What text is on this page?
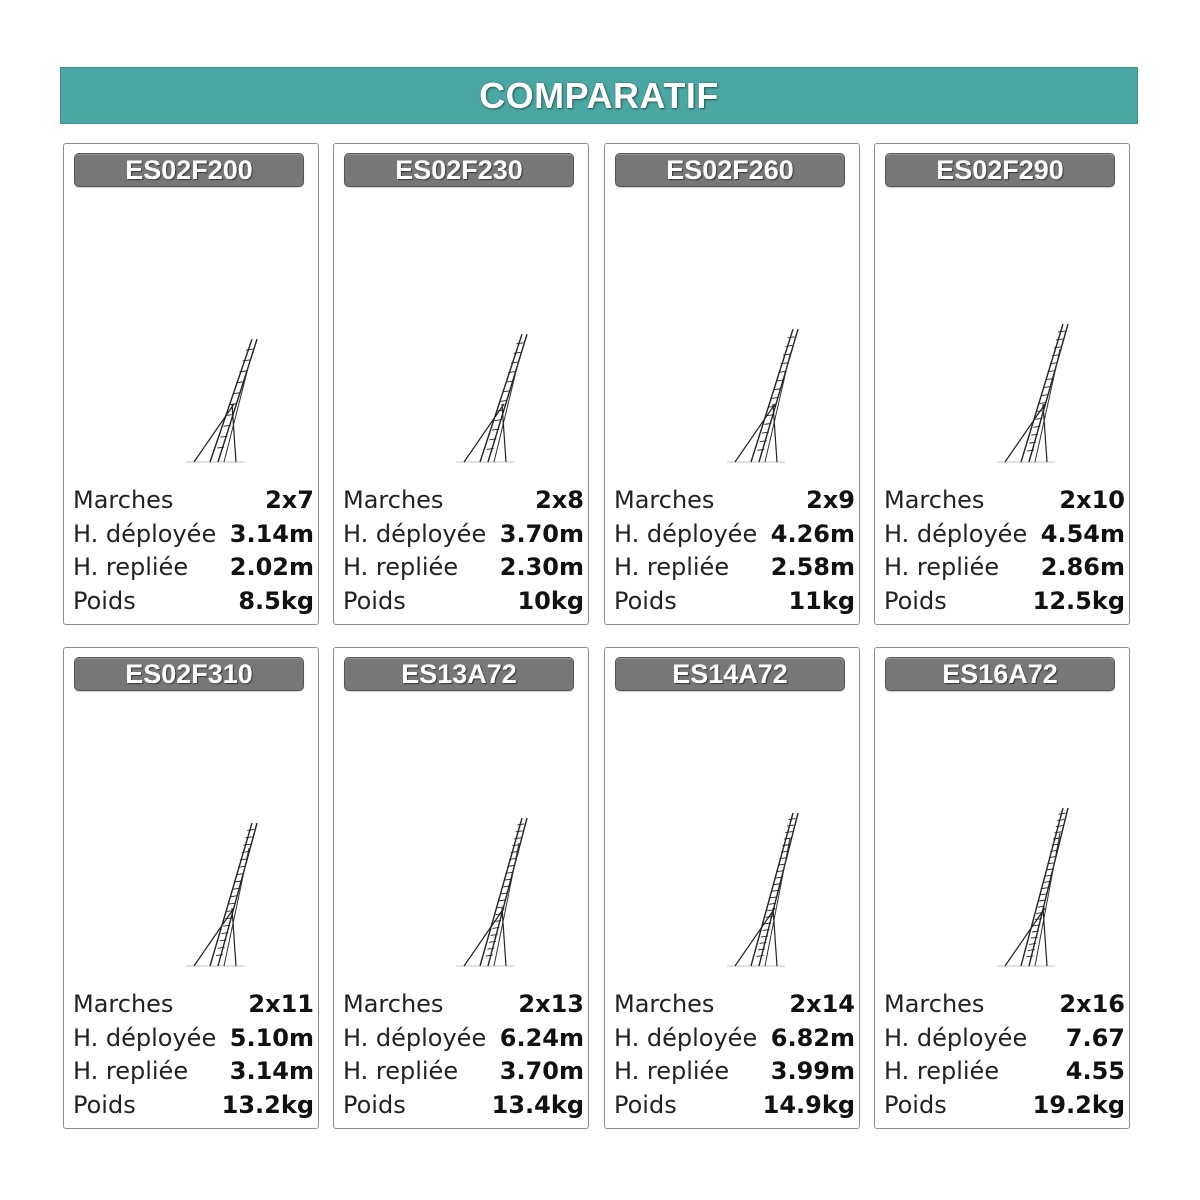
COMPARATIF
ES02F200
Marches	2x7
H. déployée 3.14m
H. repliée 2.02m
Poids	8.5kg
ES02F230
Marches	2x8
H. déployée 3.70m
H. repliée 2.30m
Poids	10kg
ES02F260
Marches	2x9
H. déployée 4.26m
H. repliée 2.58m
Poids	11kg
ES02F290
Marches	2x10
H. déployée 4.54m
H. repliée 2.86m
Poids	12.5kg
ES02F310
Marches	2x11
H. déployée 5.10m
H. repliée 3.14m
Poids	13.2kg
ES13A72
Marches	2x13
H. déployée 6.24m
H. repliée 3.70m
Poids	13.4kg
ES14A72
Marches	2x14
H. déployée 6.82m
H. repliée 3.99m
Poids	14.9kg
ES16A72
Marches	2x16
H. déployée 7.67
H. repliée	4.55
Poids	19.2kg
